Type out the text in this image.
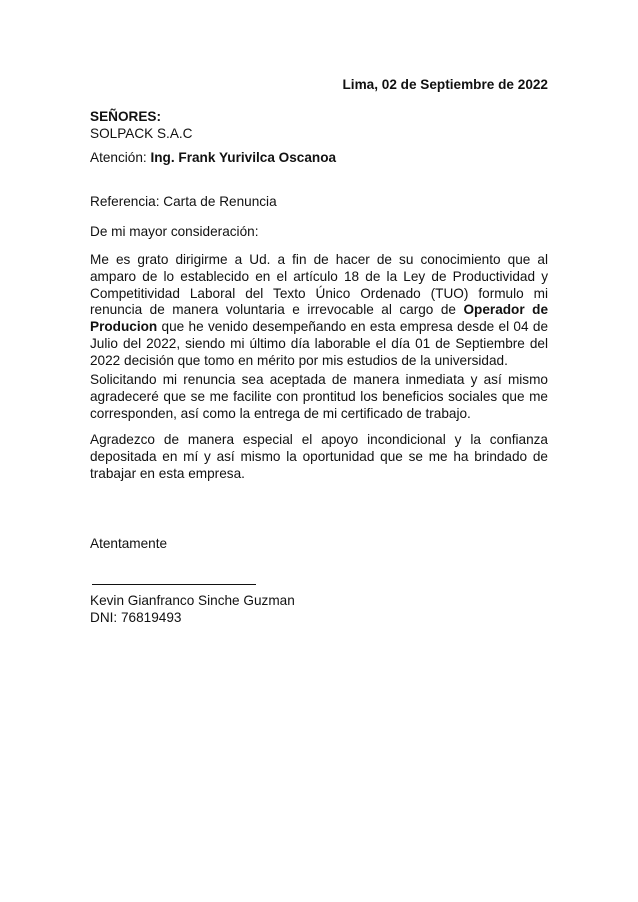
Lima, 02 de Septiembre de 2022

SEÑORES:

SOLPACK S.A.C

Atención: Ing. Frank Yurivilca Oscanoa
Referencia: Carta de Renuncia
De mi mayor consideración:
Me es grato dirigirme a Ud. a fin de hacer de su conocimiento que al amparo de lo establecido en el artículo 18 de la Ley de Productividad y Competitividad Laboral del Texto Único Ordenado (TUO) formulo mi renuncia de manera voluntaria e irrevocable al cargo de Operador de Producion que he venido desempeñando en esta empresa desde el 04 de Julio del 2022, siendo mi último día laborable el día 01 de Septiembre del 2022 decisión que tomo en mérito por mis estudios de la universidad.
Solicitando mi renuncia sea aceptada de manera inmediata y así mismo agradeceré que se me facilite con prontitud los beneficios sociales que me corresponden, así como la entrega de mi certificado de trabajo.
Agradezco de manera especial el apoyo incondicional y la confianza depositada en mí y así mismo la oportunidad que se me ha brindado de trabajar en esta empresa.
Atentamente

Kevin Gianfranco Sinche Guzman

DNI: 76819493
